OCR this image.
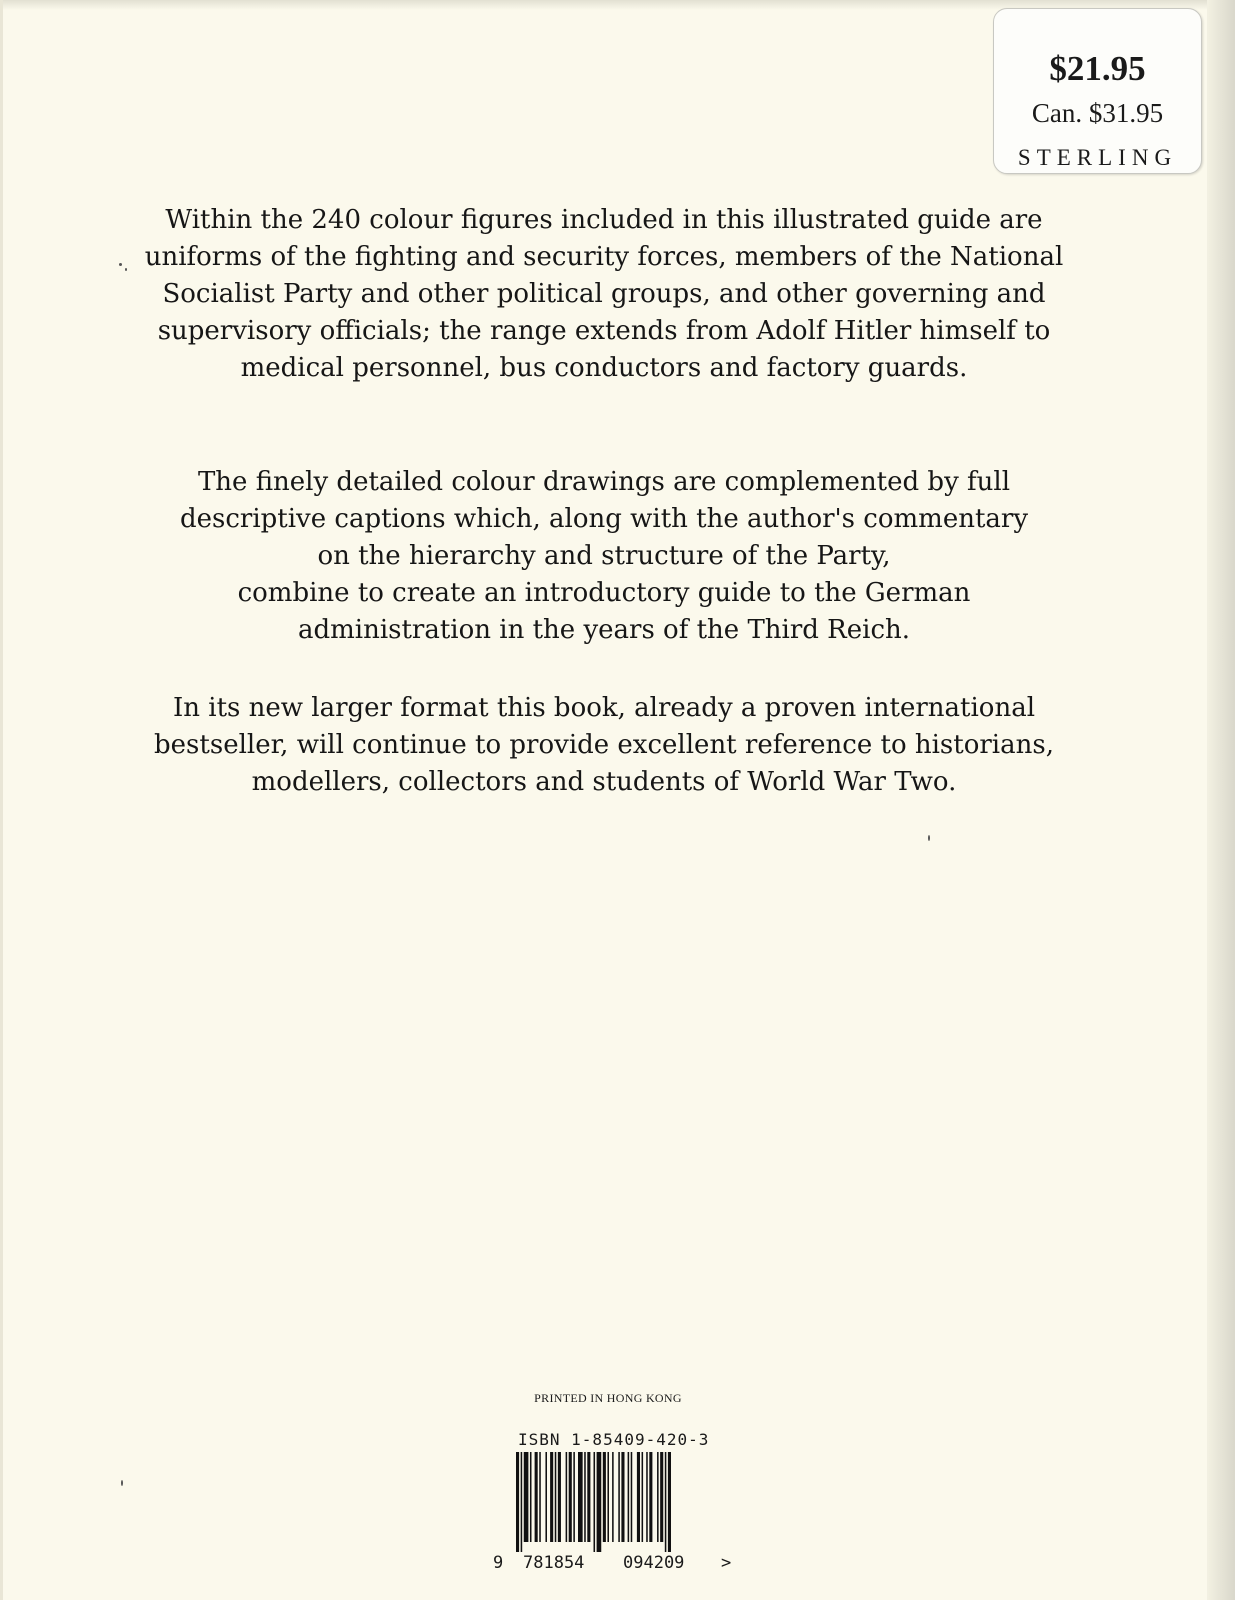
$21.95
Can. $31.95
STERLING

Within the 240 colour figures included in this illustrated guide are uniforms of the fighting and security forces, members of the National Socialist Party and other political groups, and other governing and supervisory officials; the range extends from Adolf Hitler himself to medical personnel, bus conductors and factory guards.

The finely detailed colour drawings are complemented by full
descriptive captions which, along with the author's commentary
on the hierarchy and structure of the Party,
combine to create an introductory guide to the German
administration in the years of the Third Reich.

In its new larger format this book, already a proven international bestseller, will continue to provide excellent reference to historians, modellers, collectors and students of World War Two.

PRINTED IN HONG KONG
ISBN 1-85409-420-3
9 781854 094209 >
